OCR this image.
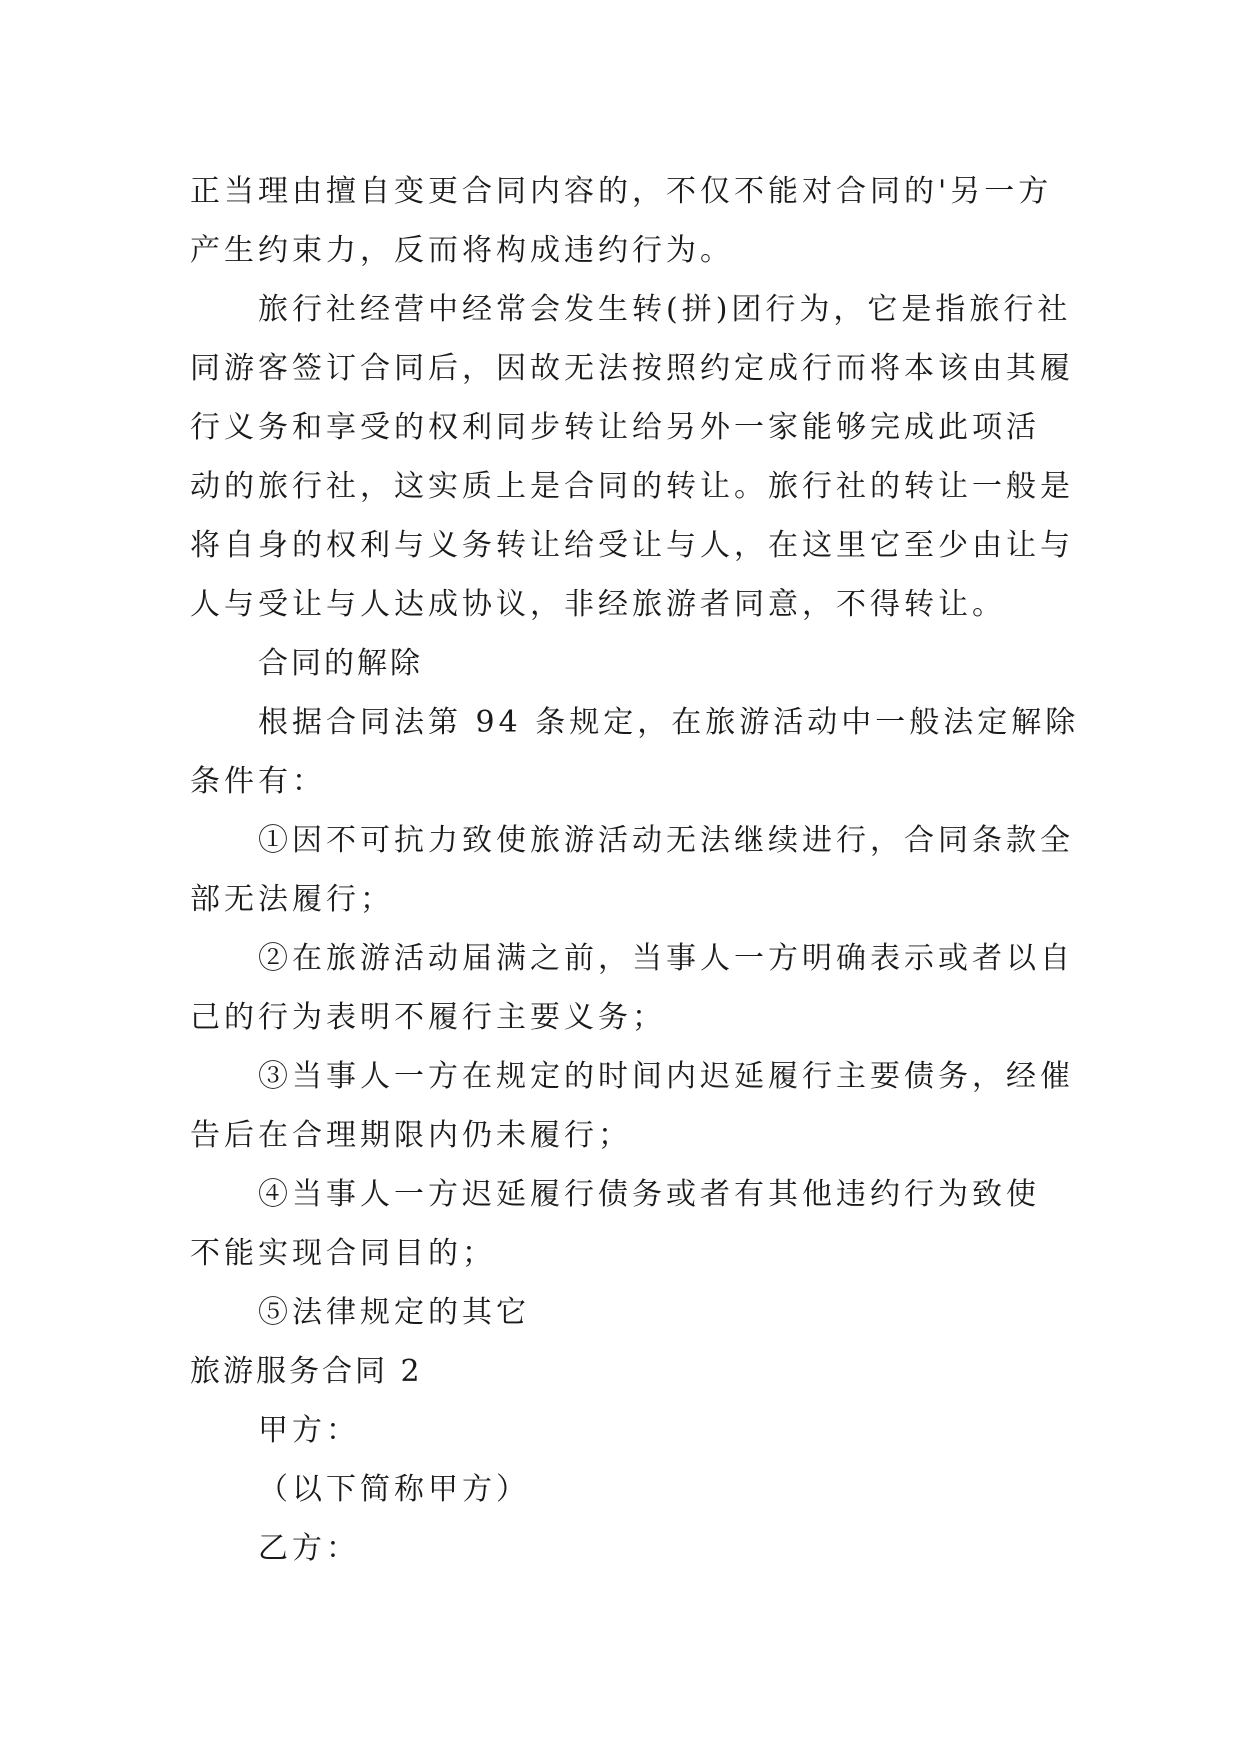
正当理由擅自变更合同内容的，不仅不能对合同的'另一方
产生约束力，反而将构成违约行为。
旅行社经营中经常会发生转(拼)团行为，它是指旅行社
同游客签订合同后，因故无法按照约定成行而将本该由其履
行义务和享受的权利同步转让给另外一家能够完成此项活
动的旅行社，这实质上是合同的转让。旅行社的转让一般是
将自身的权利与义务转让给受让与人，在这里它至少由让与
人与受让与人达成协议，非经旅游者同意，不得转让。
合同的解除
根据合同法第 94 条规定，在旅游活动中一般法定解除
条件有：
①因不可抗力致使旅游活动无法继续进行，合同条款全
部无法履行；
②在旅游活动届满之前，当事人一方明确表示或者以自
己的行为表明不履行主要义务；
③当事人一方在规定的时间内迟延履行主要债务，经催
告后在合理期限内仍未履行；
④当事人一方迟延履行债务或者有其他违约行为致使
不能实现合同目的；
⑤法律规定的其它
旅游服务合同 2
甲方：
（以下简称甲方）
乙方：
